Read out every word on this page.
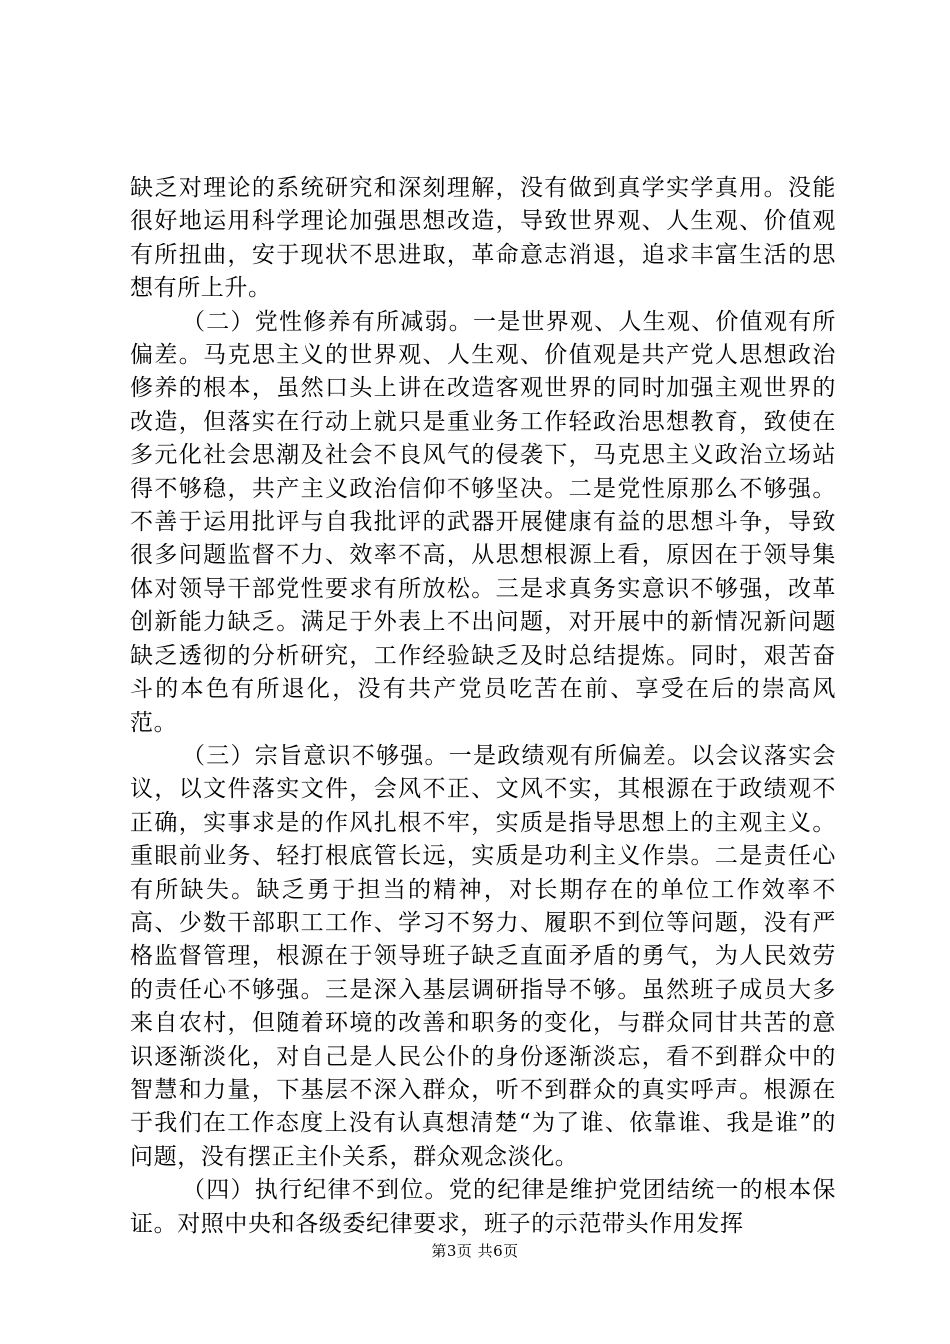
缺乏对理论的系统研究和深刻理解，没有做到真学实学真用。没能很好地运用科学理论加强思想改造，导致世界观、人生观、价值观有所扭曲，安于现状不思进取，革命意志消退，追求丰富生活的思想有所上升。

（二）党性修养有所减弱。一是世界观、人生观、价值观有所偏差。马克思主义的世界观、人生观、价值观是共产党人思想政治修养的根本，虽然口头上讲在改造客观世界的同时加强主观世界的改造，但落实在行动上就只是重业务工作轻政治思想教育，致使在多元化社会思潮及社会不良风气的侵袭下，马克思主义政治立场站得不够稳，共产主义政治信仰不够坚决。二是党性原那么不够强。不善于运用批评与自我批评的武器开展健康有益的思想斗争，导致很多问题监督不力、效率不高，从思想根源上看，原因在于领导集体对领导干部党性要求有所放松。三是求真务实意识不够强，改革创新能力缺乏。满足于外表上不出问题，对开展中的新情况新问题缺乏透彻的分析研究，工作经验缺乏及时总结提炼。同时，艰苦奋斗的本色有所退化，没有共产党员吃苦在前、享受在后的崇高风范。

（三）宗旨意识不够强。一是政绩观有所偏差。以会议落实会议，以文件落实文件，会风不正、文风不实，其根源在于政绩观不正确，实事求是的作风扎根不牢，实质是指导思想上的主观主义。重眼前业务、轻打根底管长远，实质是功利主义作祟。二是责任心有所缺失。缺乏勇于担当的精神，对长期存在的单位工作效率不高、少数干部职工工作、学习不努力、履职不到位等问题，没有严格监督管理，根源在于领导班子缺乏直面矛盾的勇气，为人民效劳的责任心不够强。三是深入基层调研指导不够。虽然班子成员大多来自农村，但随着环境的改善和职务的变化，与群众同甘共苦的意识逐渐淡化，对自己是人民公仆的身份逐渐淡忘，看不到群众中的智慧和力量，下基层不深入群众，听不到群众的真实呼声。根源在于我们在工作态度上没有认真想清楚“为了谁、依靠谁、我是谁”的问题，没有摆正主仆关系，群众观念淡化。

（四）执行纪律不到位。党的纪律是维护党团结统一的根本保证。对照中央和各级委纪律要求，班子的示范带头作用发挥

第3页 共6页
